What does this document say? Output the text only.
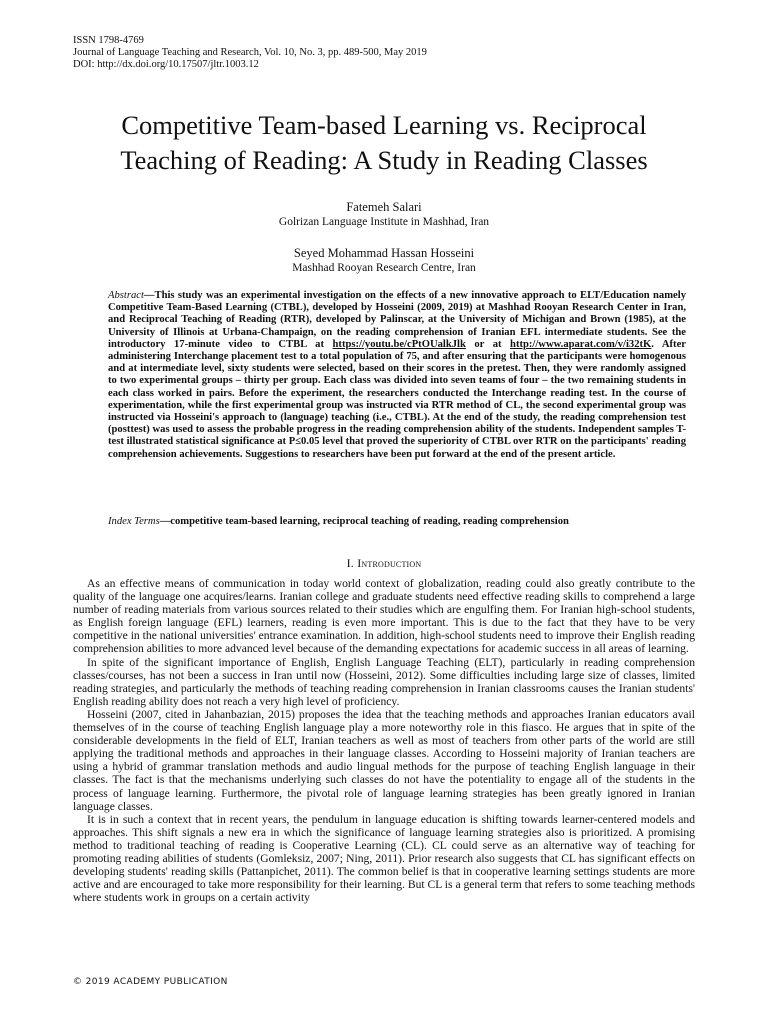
ISSN 1798-4769
Journal of Language Teaching and Research, Vol. 10, No. 3, pp. 489-500, May 2019
DOI: http://dx.doi.org/10.17507/jltr.1003.12
Competitive Team-based Learning vs. Reciprocal
Teaching of Reading: A Study in Reading Classes
Fatemeh Salari
Golrizan Language Institute in Mashhad, Iran
Seyed Mohammad Hassan Hosseini
Mashhad Rooyan Research Centre, Iran
Abstract—This study was an experimental investigation on the effects of a new innovative approach to ELT/Education namely Competitive Team-Based Learning (CTBL), developed by Hosseini (2009, 2019) at Mashhad Rooyan Research Center in Iran, and Reciprocal Teaching of Reading (RTR), developed by Palinscar, at the University of Michigan and Brown (1985), at the University of Illinois at Urbana-Champaign, on the reading comprehension of Iranian EFL intermediate students. See the introductory 17-minute video to CTBL at https://youtu.be/cPtOUalkJlk or at http://www.aparat.com/v/i32tK. After administering Interchange placement test to a total population of 75, and after ensuring that the participants were homogenous and at intermediate level, sixty students were selected, based on their scores in the pretest. Then, they were randomly assigned to two experimental groups – thirty per group. Each class was divided into seven teams of four – the two remaining students in each class worked in pairs. Before the experiment, the researchers conducted the Interchange reading test. In the course of experimentation, while the first experimental group was instructed via RTR method of CL, the second experimental group was instructed via Hosseini's approach to (language) teaching (i.e., CTBL). At the end of the study, the reading comprehension test (posttest) was used to assess the probable progress in the reading comprehension ability of the students. Independent samples T-test illustrated statistical significance at P≤0.05 level that proved the superiority of CTBL over RTR on the participants' reading comprehension achievements. Suggestions to researchers have been put forward at the end of the present article.
Index Terms—competitive team-based learning, reciprocal teaching of reading, reading comprehension
I. Introduction

As an effective means of communication in today world context of globalization, reading could also greatly contribute to the quality of the language one acquires/learns. Iranian college and graduate students need effective reading skills to comprehend a large number of reading materials from various sources related to their studies which are engulfing them. For Iranian high-school students, as English foreign language (EFL) learners, reading is even more important. This is due to the fact that they have to be very competitive in the national universities' entrance examination. In addition, high-school students need to improve their English reading comprehension abilities to more advanced level because of the demanding expectations for academic success in all areas of learning.

In spite of the significant importance of English, English Language Teaching (ELT), particularly in reading comprehension classes/courses, has not been a success in Iran until now (Hosseini, 2012). Some difficulties including large size of classes, limited reading strategies, and particularly the methods of teaching reading comprehension in Iranian classrooms causes the Iranian students' English reading ability does not reach a very high level of proficiency.

Hosseini (2007, cited in Jahanbazian, 2015) proposes the idea that the teaching methods and approaches Iranian educators avail themselves of in the course of teaching English language play a more noteworthy role in this fiasco. He argues that in spite of the considerable developments in the field of ELT, Iranian teachers as well as most of teachers from other parts of the world are still applying the traditional methods and approaches in their language classes. According to Hosseini majority of Iranian teachers are using a hybrid of grammar translation methods and audio lingual methods for the purpose of teaching English language in their classes. The fact is that the mechanisms underlying such classes do not have the potentiality to engage all of the students in the process of language learning. Furthermore, the pivotal role of language learning strategies has been greatly ignored in Iranian language classes.

It is in such a context that in recent years, the pendulum in language education is shifting towards learner-centered models and approaches. This shift signals a new era in which the significance of language learning strategies also is prioritized. A promising method to traditional teaching of reading is Cooperative Learning (CL). CL could serve as an alternative way of teaching for promoting reading abilities of students (Gomleksiz, 2007; Ning, 2011). Prior research also suggests that CL has significant effects on developing students' reading skills (Pattanpichet, 2011). The common belief is that in cooperative learning settings students are more active and are encouraged to take more responsibility for their learning. But CL is a general term that refers to some teaching methods where students work in groups on a certain activity

© 2019 ACADEMY PUBLICATION
